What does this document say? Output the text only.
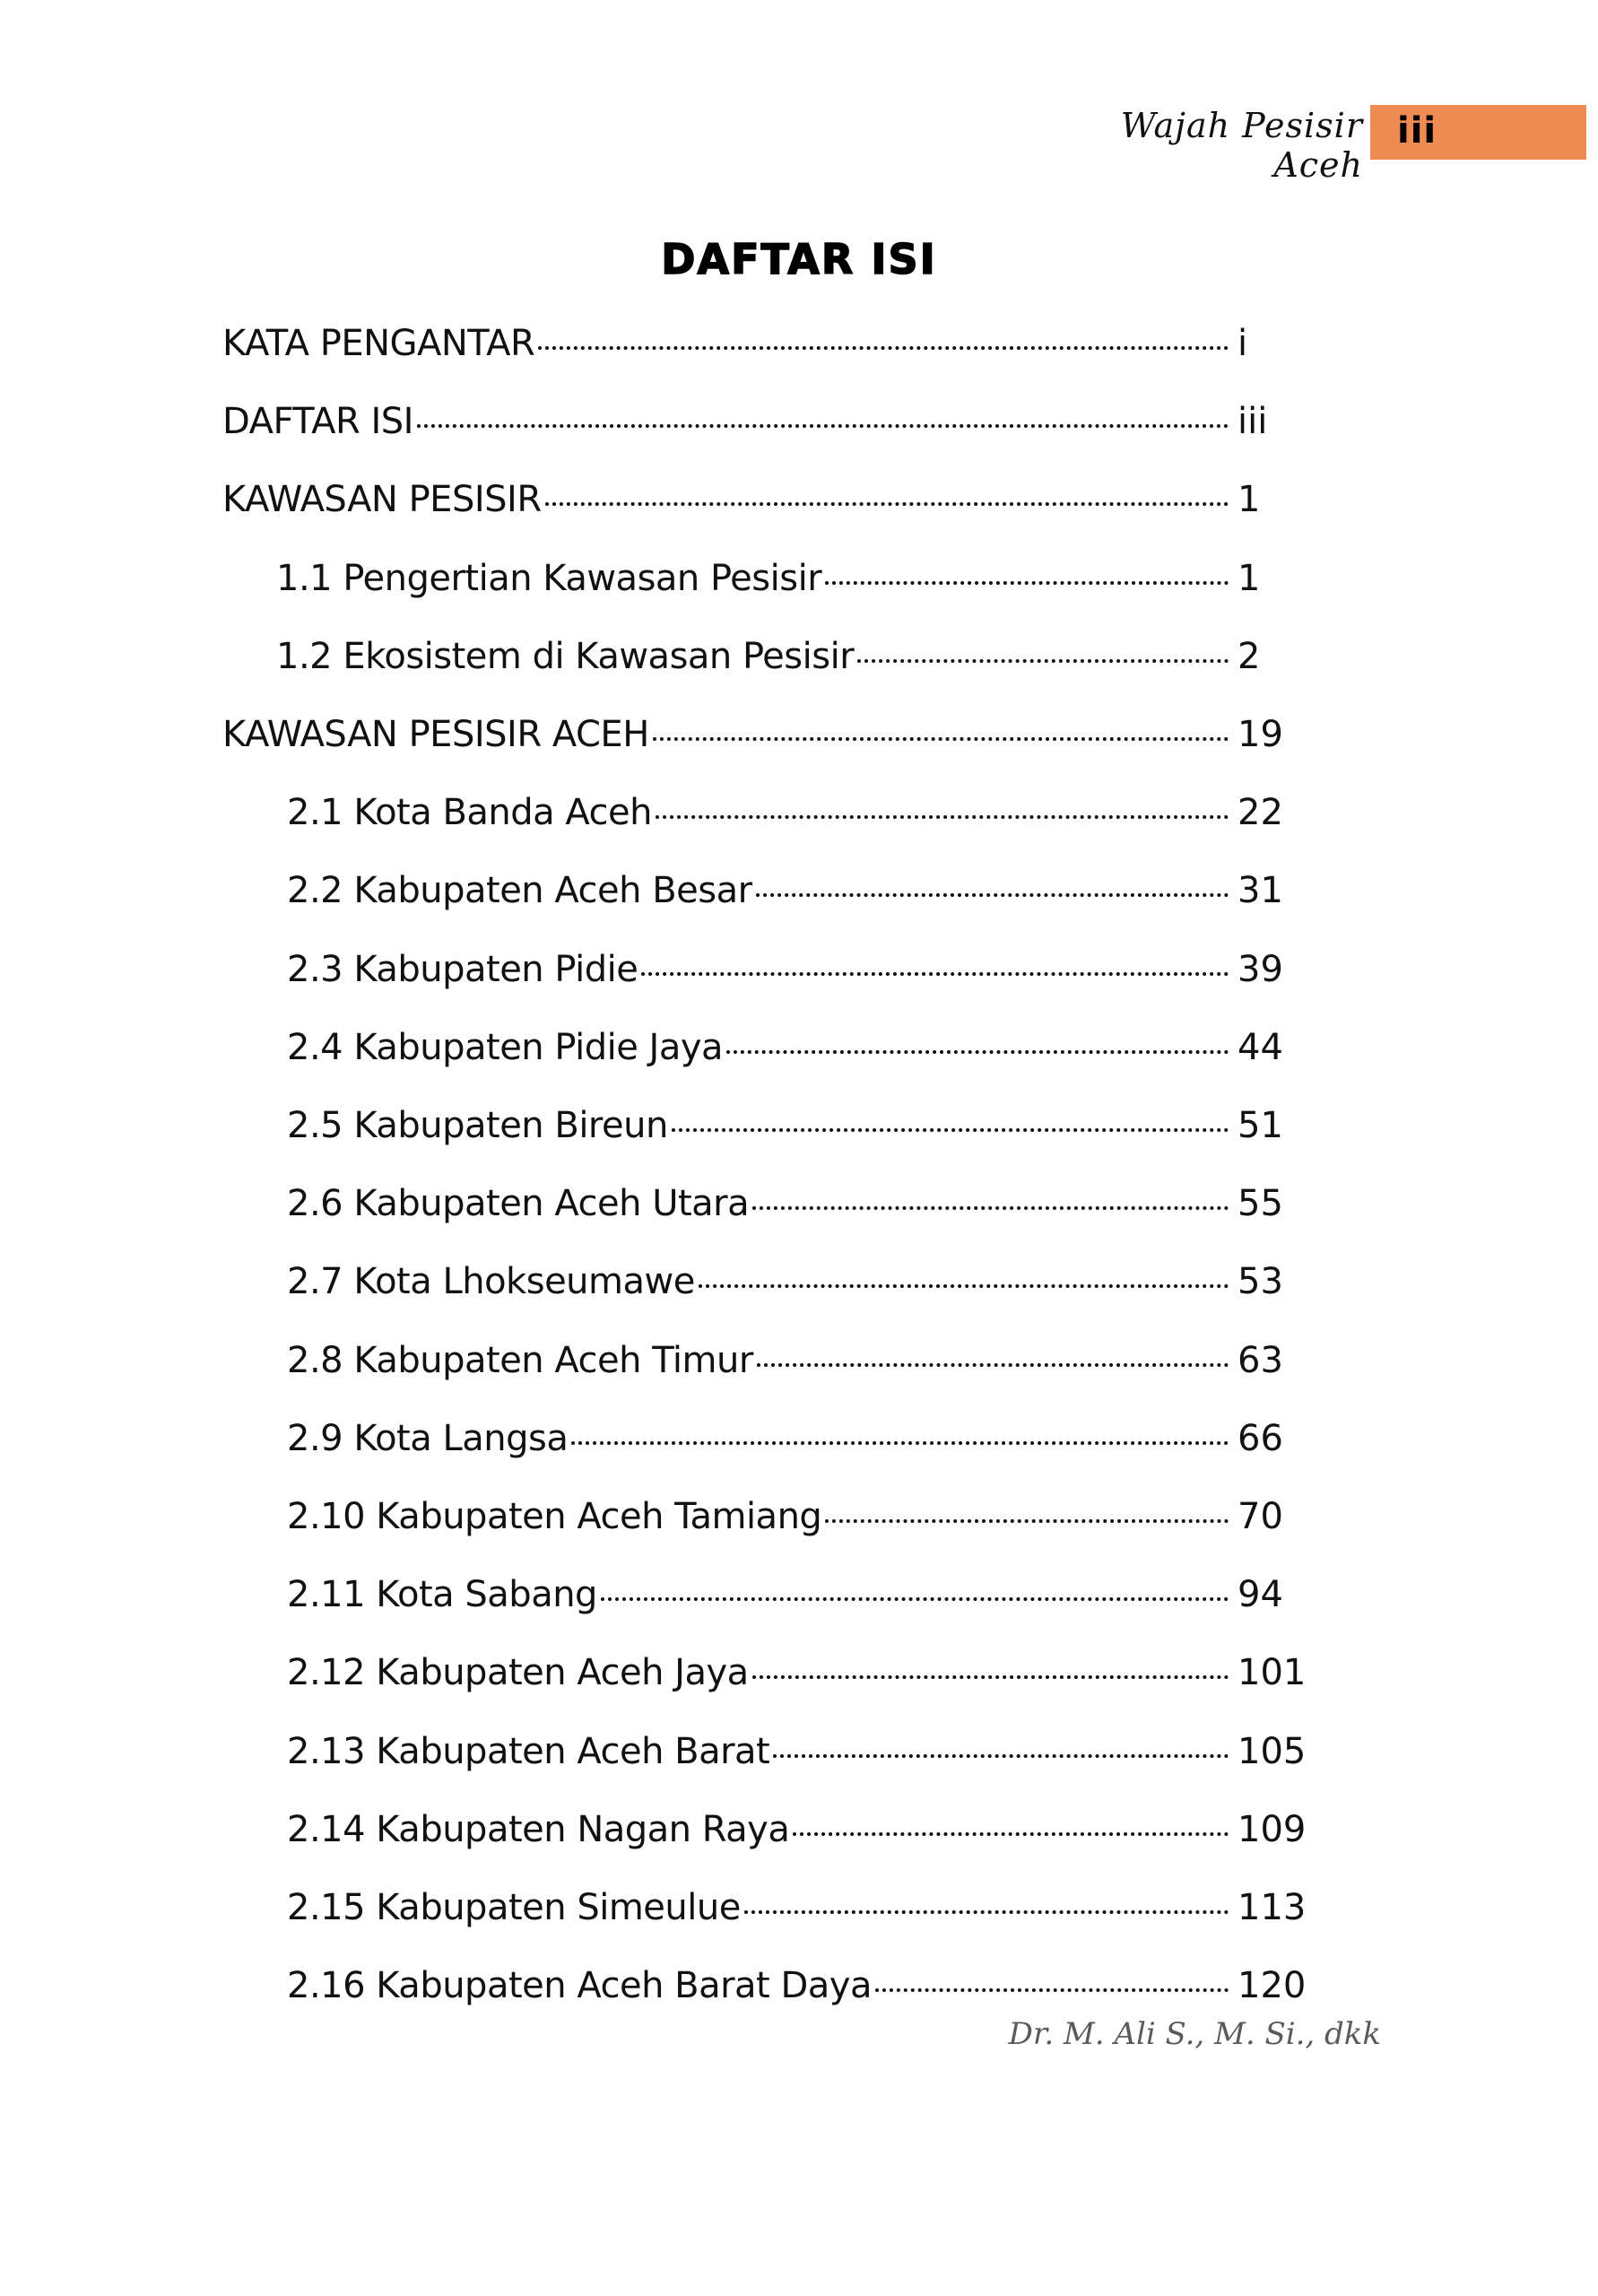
Wajah Pesisir Aceh
iii
DAFTAR ISI
KATA PENGANTAR	i
DAFTAR ISI	iii
KAWASAN PESISIR	1
1.1 Pengertian Kawasan Pesisir	1
1.2 Ekosistem di Kawasan Pesisir	2
KAWASAN PESISIR ACEH	19
2.1 Kota Banda Aceh	22
2.2 Kabupaten Aceh Besar	31
2.3 Kabupaten Pidie	39
2.4 Kabupaten Pidie Jaya	44
2.5 Kabupaten Bireun	51
2.6 Kabupaten Aceh Utara	55
2.7 Kota Lhokseumawe	53
2.8 Kabupaten Aceh Timur	63
2.9 Kota Langsa	66
2.10 Kabupaten Aceh Tamiang	70
2.11 Kota Sabang	94
2.12 Kabupaten Aceh Jaya	101
2.13 Kabupaten Aceh Barat	105
2.14 Kabupaten Nagan Raya	109
2.15 Kabupaten Simeulue	113
2.16 Kabupaten Aceh Barat Daya	120
Dr. M. Ali S., M. Si., dkk
